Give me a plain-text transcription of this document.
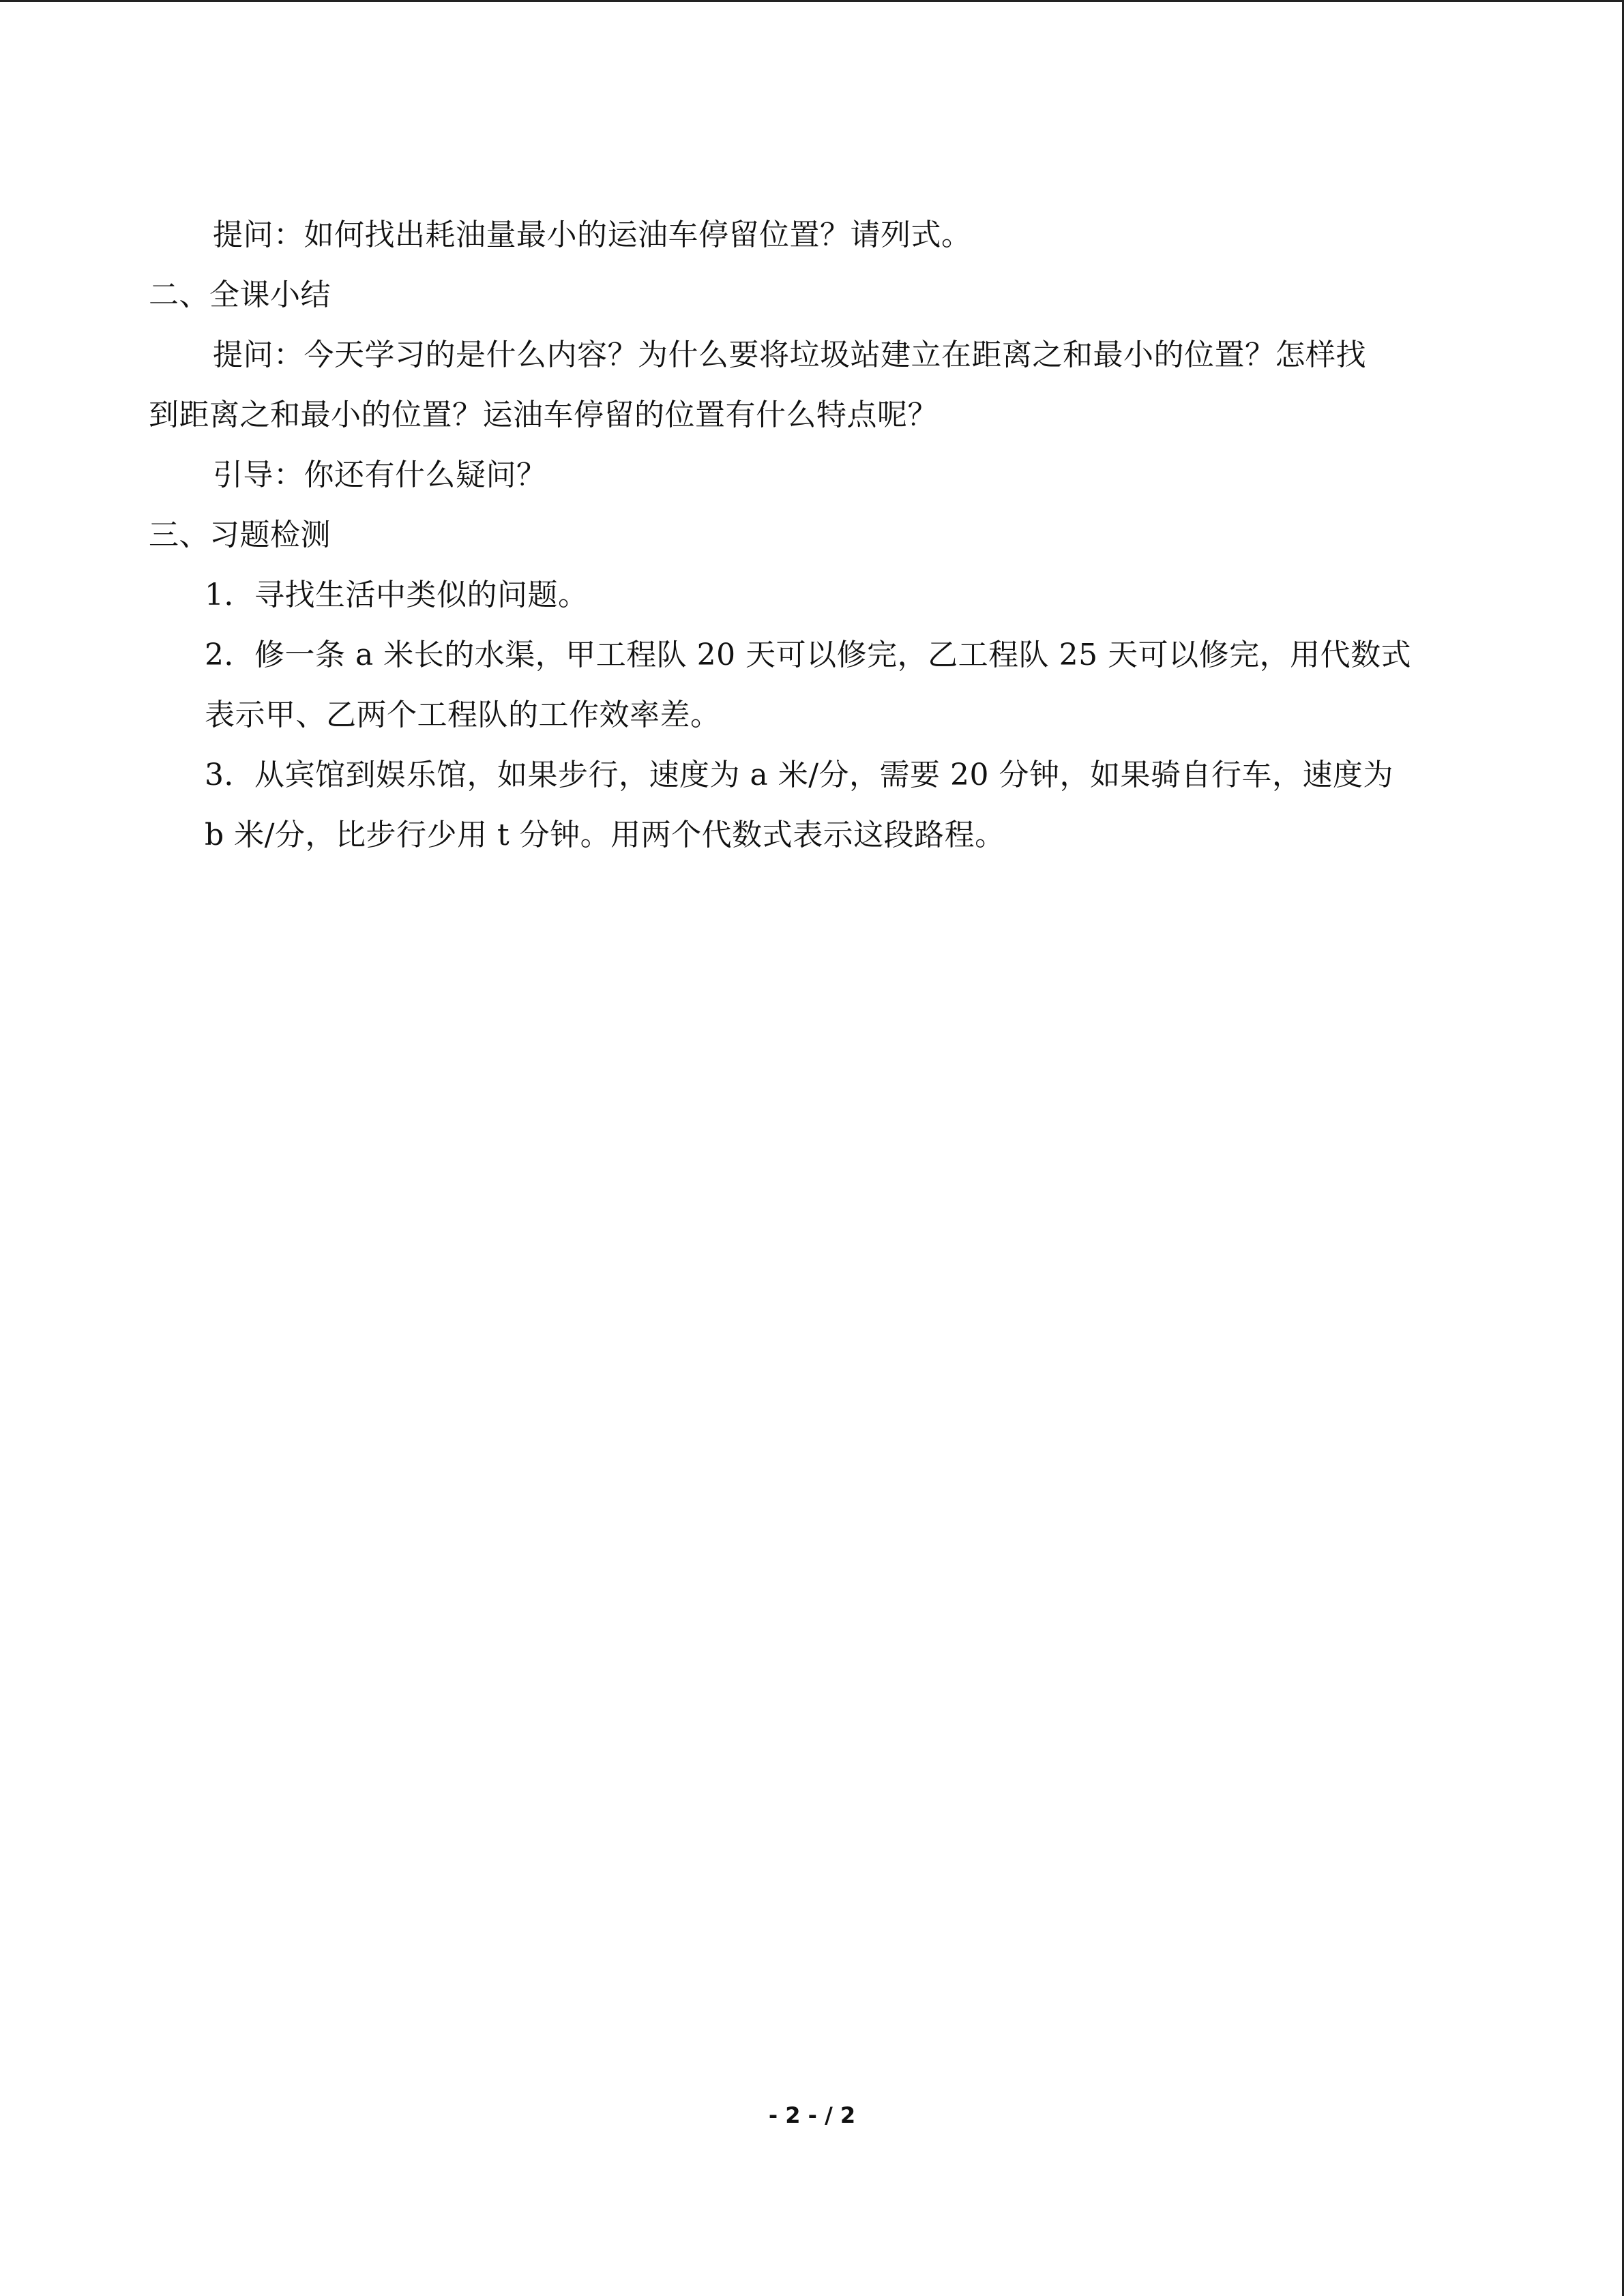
提问：如何找出耗油量最小的运油车停留位置？请列式。
二、全课小结
提问：今天学习的是什么内容？为什么要将垃圾站建立在距离之和最小的位置？怎样找
到距离之和最小的位置？运油车停留的位置有什么特点呢？
引导：你还有什么疑问？
三、习题检测
1．寻找生活中类似的问题。
2．修一条 a 米长的水渠，甲工程队 20 天可以修完，乙工程队 25 天可以修完，用代数式
表示甲、乙两个工程队的工作效率差。
3．从宾馆到娱乐馆，如果步行，速度为 a 米/分，需要 20 分钟，如果骑自行车，速度为
b 米/分，比步行少用 t 分钟。用两个代数式表示这段路程。
- 2 - / 2
